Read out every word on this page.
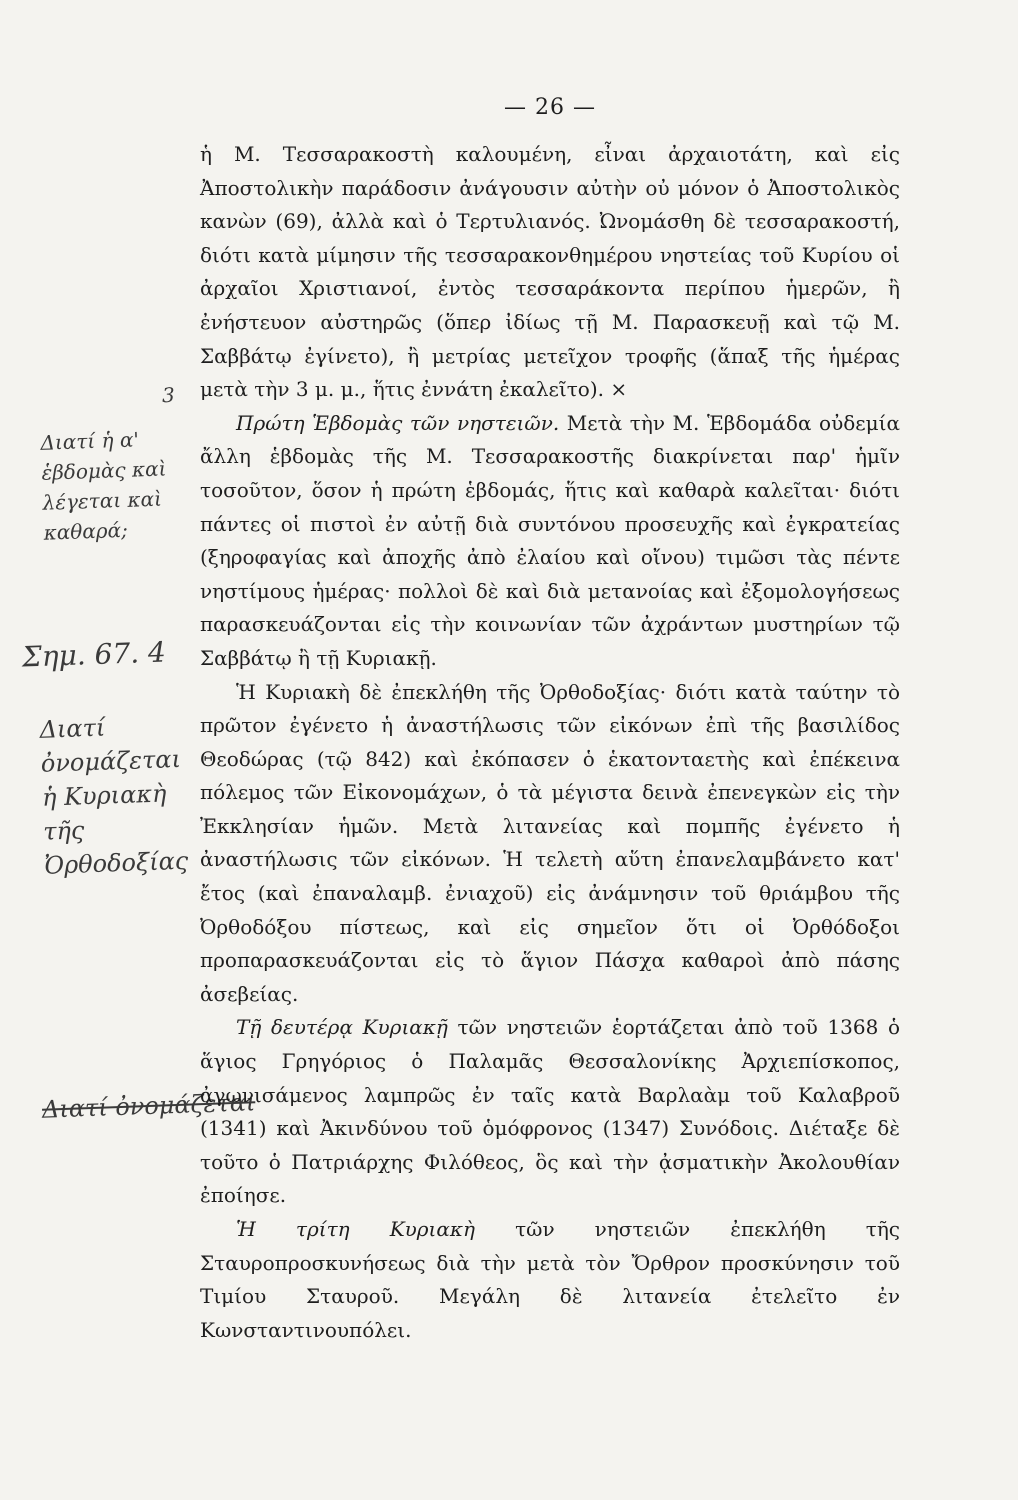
— 26 —
3
Διατί ἡ α' ἑβδομὰς καὶ λέγεται καὶ καθαρά;
Σημ. 67. 4
Διατί ὀνομάζεται ἡ Κυριακὴ τῆς Ὀρθοδοξίας
Διατί ὀνομάζεται

ἡ Μ. Τεσσαρακοστὴ καλουμένη, εἶναι ἀρχαιοτάτη, καὶ εἰς Ἀποστολικὴν παράδοσιν ἀνάγουσιν αὐτὴν οὐ μόνον ὁ Ἀποστολικὸς κανὼν (69), ἀλλὰ καὶ ὁ Τερτυλιανός. Ὠνομάσθη δὲ τεσσαρακοστή, διότι κατὰ μίμησιν τῆς τεσσαρακονθημέρου νηστείας τοῦ Κυρίου οἱ ἀρχαῖοι Χριστιανοί, ἐντὸς τεσσαράκοντα περίπου ἡμερῶν, ἢ ἐνήστευον αὐστηρῶς (ὅπερ ἰδίως τῇ Μ. Παρασκευῇ καὶ τῷ Μ. Σαββάτῳ ἐγίνετο), ἢ μετρίας μετεῖχον τροφῆς (ἅπαξ τῆς ἡμέρας μετὰ τὴν 3 μ. μ., ἥτις ἐννάτη ἐκαλεῖτο). ×

Πρώτη Ἑβδομὰς τῶν νηστειῶν. Μετὰ τὴν Μ. Ἑβδομάδα οὐδεμία ἄλλη ἑβδομὰς τῆς Μ. Τεσσαρακοστῆς διακρίνεται παρ' ἡμῖν τοσοῦτον, ὅσον ἡ πρώτη ἑβδομάς, ἥτις καὶ καθαρὰ καλεῖται· διότι πάντες οἱ πιστοὶ ἐν αὐτῇ διὰ συντόνου προσευχῆς καὶ ἐγκρατείας (ξηροφαγίας καὶ ἀποχῆς ἀπὸ ἐλαίου καὶ οἴνου) τιμῶσι τὰς πέντε νηστίμους ἡμέρας· πολλοὶ δὲ καὶ διὰ μετανοίας καὶ ἐξομολογήσεως παρασκευάζονται εἰς τὴν κοινωνίαν τῶν ἀχράντων μυστηρίων τῷ Σαββάτῳ ἢ τῇ Κυριακῇ.

Ἡ Κυριακὴ δὲ ἐπεκλήθη τῆς Ὀρθοδοξίας· διότι κατὰ ταύτην τὸ πρῶτον ἐγένετο ἡ ἀναστήλωσις τῶν εἰκόνων ἐπὶ τῆς βασιλίδος Θεοδώρας (τῷ 842) καὶ ἐκόπασεν ὁ ἑκατονταετὴς καὶ ἐπέκεινα πόλεμος τῶν Εἰκονομάχων, ὁ τὰ μέγιστα δεινὰ ἐπενεγκὼν εἰς τὴν Ἐκκλησίαν ἡμῶν. Μετὰ λιτανείας καὶ πομπῆς ἐγένετο ἡ ἀναστήλωσις τῶν εἰκόνων. Ἡ τελετὴ αὕτη ἐπανελαμβάνετο κατ' ἔτος (καὶ ἐπαναλαμβ. ἐνιαχοῦ) εἰς ἀνάμνησιν τοῦ θριάμβου τῆς Ὀρθοδόξου πίστεως, καὶ εἰς σημεῖον ὅτι οἱ Ὀρθόδοξοι προπαρασκευάζονται εἰς τὸ ἅγιον Πάσχα καθαροὶ ἀπὸ πάσης ἀσεβείας.

Τῇ δευτέρᾳ Κυριακῇ τῶν νηστειῶν ἑορτάζεται ἀπὸ τοῦ 1368 ὁ ἅγιος Γρηγόριος ὁ Παλαμᾶς Θεσσαλονίκης Ἀρχιεπίσκοπος, ἀγωνισάμενος λαμπρῶς ἐν ταῖς κατὰ Βαρλαὰμ τοῦ Καλαβροῦ (1341) καὶ Ἀκινδύνου τοῦ ὁμόφρονος (1347) Συνόδοις. Διέταξε δὲ τοῦτο ὁ Πατριάρχης Φιλόθεος, ὃς καὶ τὴν ᾀσματικὴν Ἀκολουθίαν ἐποίησε.

Ἡ τρίτη Κυριακὴ τῶν νηστειῶν ἐπεκλήθη τῆς Σταυροπροσκυνήσεως διὰ τὴν μετὰ τὸν Ὄρθρον προσκύνησιν τοῦ Τιμίου Σταυροῦ. Μεγάλη δὲ λιτανεία ἐτελεῖτο ἐν Κωνσταντινουπόλει.
